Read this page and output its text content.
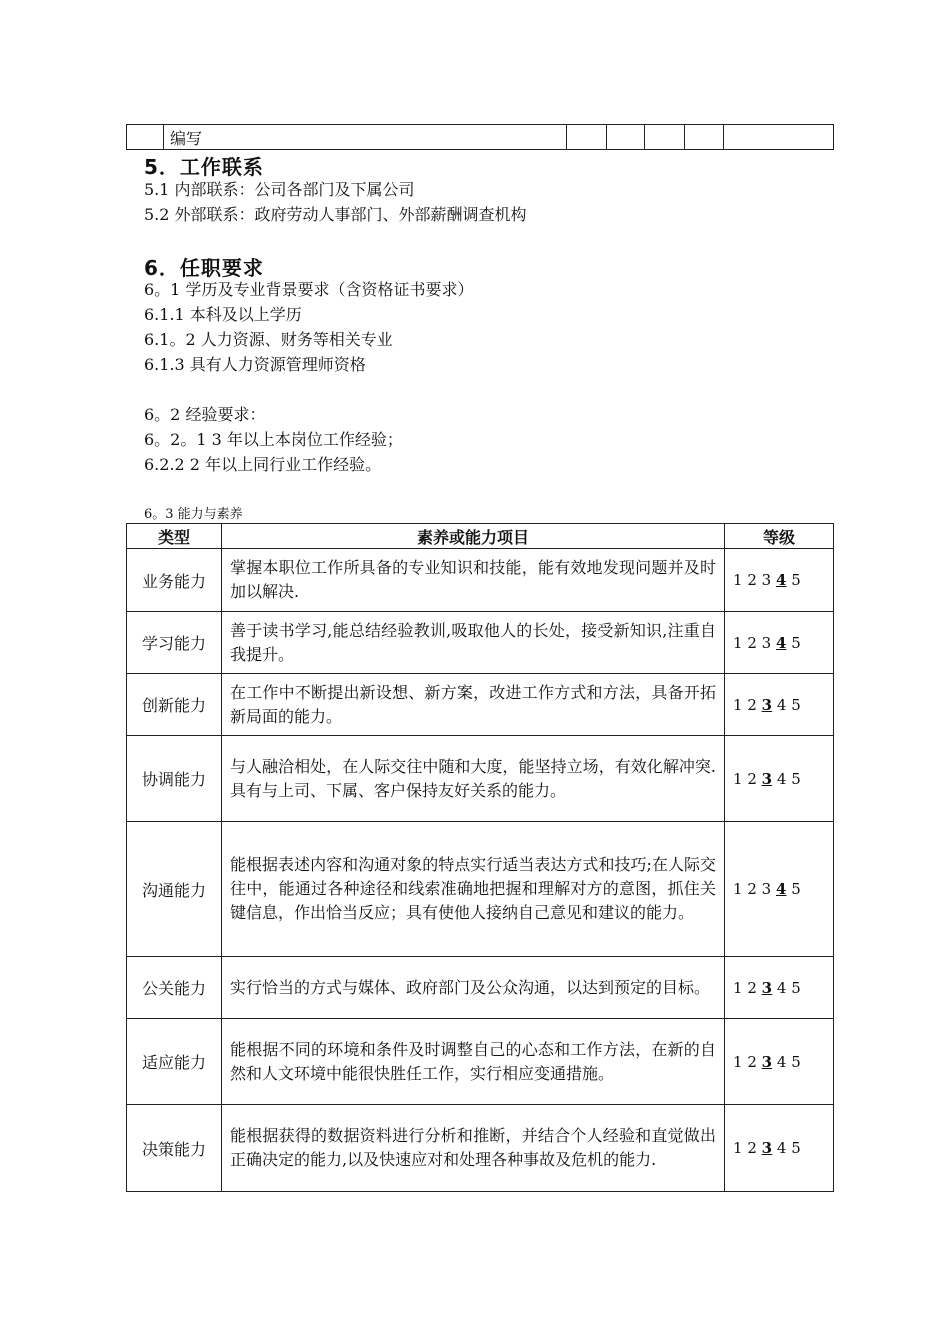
	编写					
5．工作联系
5.1 内部联系：公司各部门及下属公司
5.2 外部联系：政府劳动人事部门、外部薪酬调查机构
6．任职要求
6。1 学历及专业背景要求（含资格证书要求）
6.1.1 本科及以上学历
6.1。2 人力资源、财务等相关专业
6.1.3 具有人力资源管理师资格
6。2 经验要求：
6。2。1 3 年以上本岗位工作经验；
6.2.2 2 年以上同行业工作经验。
6。3 能力与素养
类型	素养或能力项目	等级
业务能力	掌握本职位工作所具备的专业知识和技能，能有效地发现问题并及时加以解决.	1 2 3 4 5
学习能力	善于读书学习,能总结经验教训,吸取他人的长处，接受新知识,注重自我提升。	1 2 3 4 5
创新能力	在工作中不断提出新设想、新方案，改进工作方式和方法，具备开拓新局面的能力。	1 2 3 4 5
协调能力	与人融洽相处，在人际交往中随和大度，能坚持立场，有效化解冲突.具有与上司、下属、客户保持友好关系的能力。	1 2 3 4 5
沟通能力	能根据表述内容和沟通对象的特点实行适当表达方式和技巧;在人际交往中，能通过各种途径和线索准确地把握和理解对方的意图，抓住关键信息，作出恰当反应；具有使他人接纳自己意见和建议的能力。	1 2 3 4 5
公关能力	实行恰当的方式与媒体、政府部门及公众沟通，以达到预定的目标。	1 2 3 4 5
适应能力	能根据不同的环境和条件及时调整自己的心态和工作方法，在新的自然和人文环境中能很快胜任工作，实行相应变通措施。	1 2 3 4 5
决策能力	能根据获得的数据资料进行分析和推断，并结合个人经验和直觉做出正确决定的能力,以及快速应对和处理各种事故及危机的能力.	1 2 3 4 5
